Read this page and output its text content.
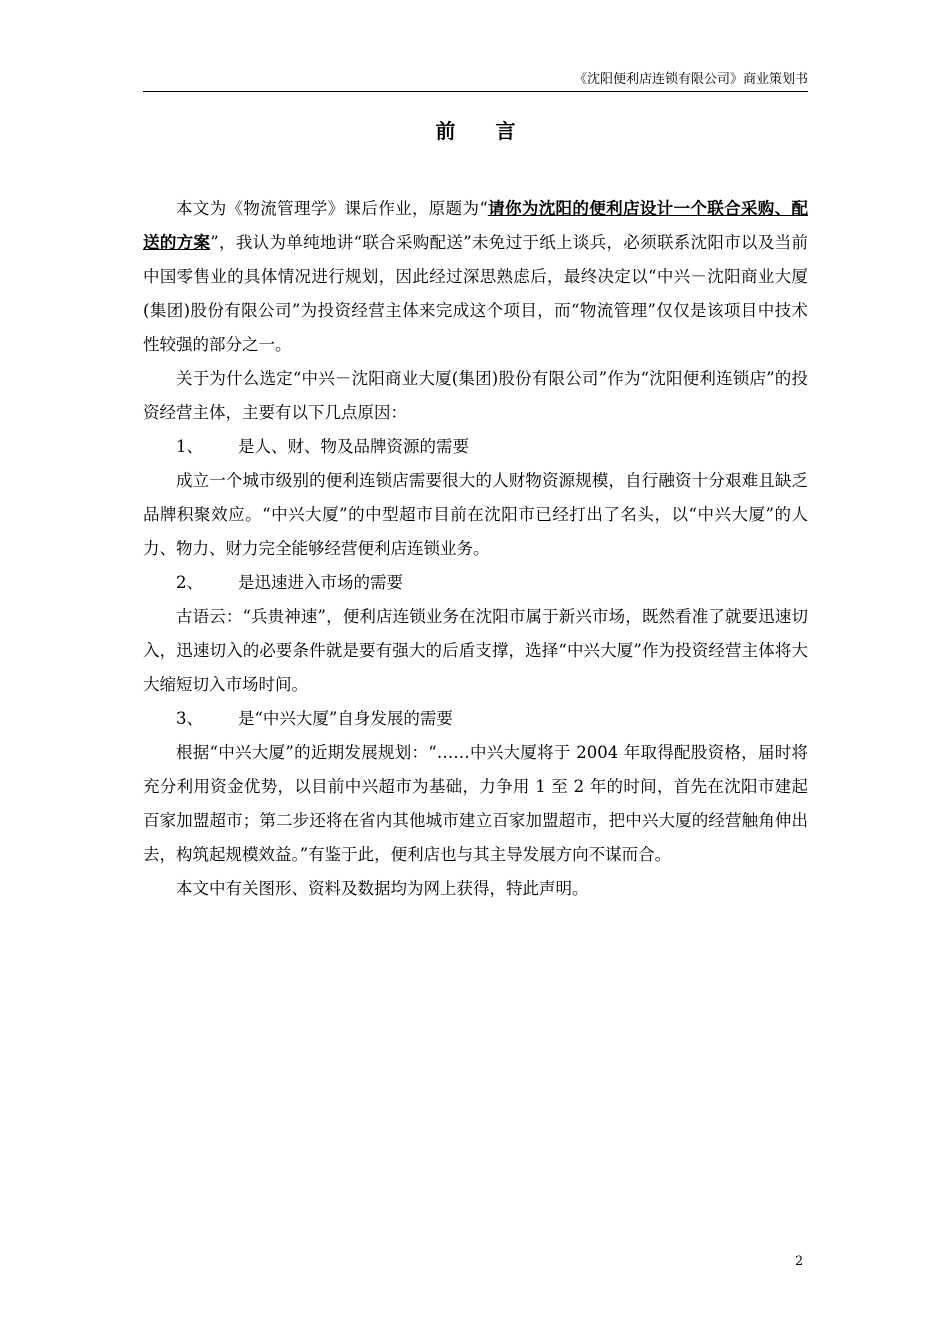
《沈阳便利店连锁有限公司》商业策划书
前言

本文为《物流管理学》课后作业，原题为“请你为沈阳的便利店设计一个联合采购、配送的方案”，我认为单纯地讲“联合采购配送”未免过于纸上谈兵，必须联系沈阳市以及当前中国零售业的具体情况进行规划，因此经过深思熟虑后，最终决定以“中兴－沈阳商业大厦(集团)股份有限公司”为投资经营主体来完成这个项目，而“物流管理”仅仅是该项目中技术性较强的部分之一。

关于为什么选定“中兴－沈阳商业大厦(集团)股份有限公司”作为“沈阳便利连锁店”的投资经营主体，主要有以下几点原因：

1、 是人、财、物及品牌资源的需要

成立一个城市级别的便利连锁店需要很大的人财物资源规模，自行融资十分艰难且缺乏品牌积聚效应。“中兴大厦”的中型超市目前在沈阳市已经打出了名头，以“中兴大厦”的人力、物力、财力完全能够经营便利店连锁业务。

2、 是迅速进入市场的需要

古语云：“兵贵神速”，便利店连锁业务在沈阳市属于新兴市场，既然看准了就要迅速切入，迅速切入的必要条件就是要有强大的后盾支撑，选择“中兴大厦”作为投资经营主体将大大缩短切入市场时间。

3、 是“中兴大厦”自身发展的需要

根据“中兴大厦”的近期发展规划：“……中兴大厦将于 2004 年取得配股资格，届时将充分利用资金优势，以目前中兴超市为基础，力争用 1 至 2 年的时间，首先在沈阳市建起百家加盟超市；第二步还将在省内其他城市建立百家加盟超市，把中兴大厦的经营触角伸出去，构筑起规模效益。”有鉴于此，便利店也与其主导发展方向不谋而合。

本文中有关图形、资料及数据均为网上获得，特此声明。

2
